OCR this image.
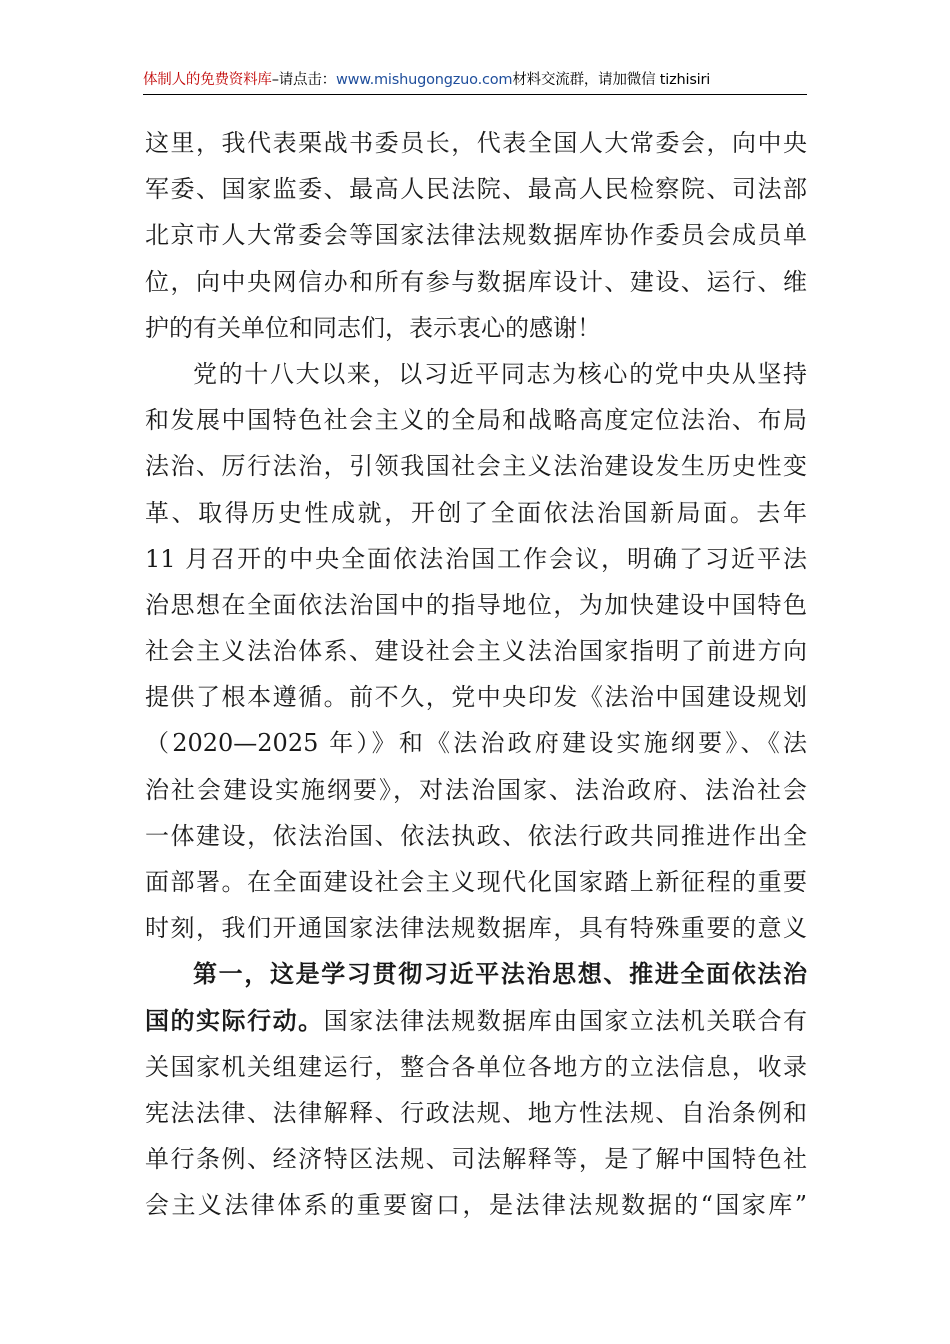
体制人的免费资料库–请点击：www.mishugongzuo.com材料交流群，请加微信 tizhisiri
这里，我代表栗战书委员长，代表全国人大常委会，向中央
军委、国家监委、最高人民法院、最高人民检察院、司法部
北京市人大常委会等国家法律法规数据库协作委员会成员单
位，向中央网信办和所有参与数据库设计、建设、运行、维
护的有关单位和同志们，表示衷心的感谢！
党的十八大以来，以习近平同志为核心的党中央从坚持
和发展中国特色社会主义的全局和战略高度定位法治、布局
法治、厉行法治，引领我国社会主义法治建设发生历史性变
革、取得历史性成就，开创了全面依法治国新局面。去年
11 月召开的中央全面依法治国工作会议，明确了习近平法
治思想在全面依法治国中的指导地位，为加快建设中国特色
社会主义法治体系、建设社会主义法治国家指明了前进方向
提供了根本遵循。前不久，党中央印发《法治中国建设规划
（2020—2025 年）》和《法治政府建设实施纲要》、《法
治社会建设实施纲要》，对法治国家、法治政府、法治社会
一体建设，依法治国、依法执政、依法行政共同推进作出全
面部署。在全面建设社会主义现代化国家踏上新征程的重要
时刻，我们开通国家法律法规数据库，具有特殊重要的意义
第一，这是学习贯彻习近平法治思想、推进全面依法治
国的实际行动。国家法律法规数据库由国家立法机关联合有
关国家机关组建运行，整合各单位各地方的立法信息，收录
宪法法律、法律解释、行政法规、地方性法规、自治条例和
单行条例、经济特区法规、司法解释等，是了解中国特色社
会主义法律体系的重要窗口，是法律法规数据的“国家库”
